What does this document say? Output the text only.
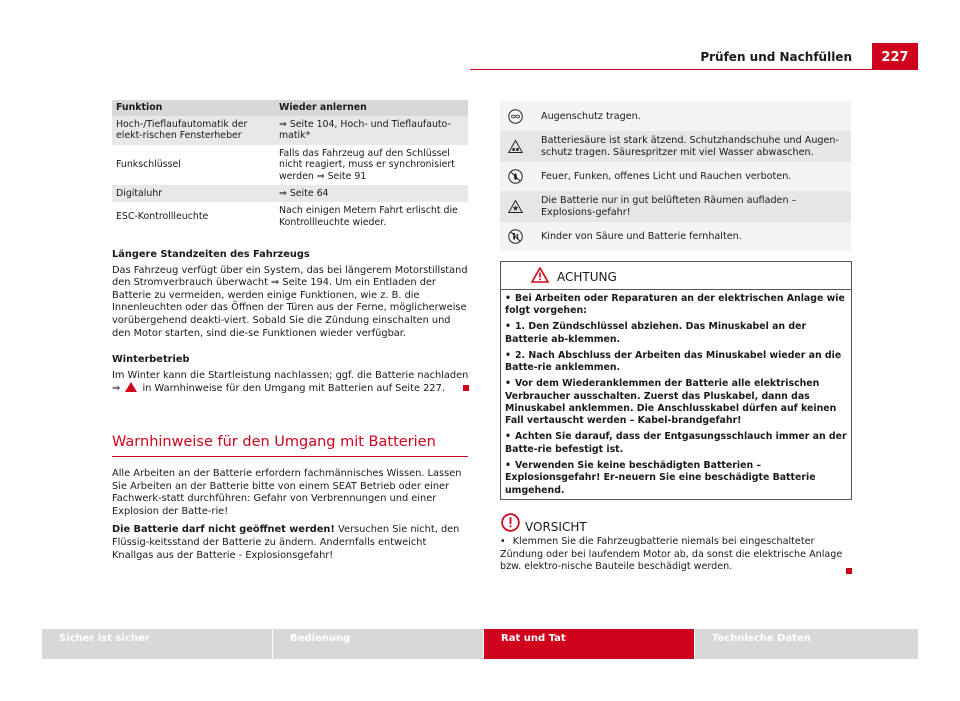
Prüfen und Nachfüllen	227
Funktion	Wieder anlernen
Hoch-/Tieflaufautomatik der elekt-rischen Fensterheber	⇒ Seite 104, Hoch- und Tieflaufauto-matik*
Funkschlüssel	Falls das Fahrzeug auf den Schlüssel nicht reagiert, muss er synchronisiert werden ⇒ Seite 91
Digitaluhr	⇒ Seite 64
ESC-Kontrollleuchte	Nach einigen Metern Fahrt erlischt die Kontrollleuchte wieder.
Längere Standzeiten des Fahrzeugs
Das Fahrzeug verfügt über ein System, das bei längerem Motorstillstand den Stromverbrauch überwacht ⇒ Seite 194. Um ein Entladen der Batterie zu vermeiden, werden einige Funktionen, wie z. B. die Innenleuchten oder das Öffnen der Türen aus der Ferne, möglicherweise vorübergehend deakti-viert. Sobald Sie die Zündung einschalten und den Motor starten, sind die-se Funktionen wieder verfügbar.
Winterbetrieb
Im Winter kann die Startleistung nachlassen; ggf. die Batterie nachladen
⇒ in Warnhinweise für den Umgang mit Batterien auf Seite 227.
Warnhinweise für den Umgang mit Batterien
Alle Arbeiten an der Batterie erfordern fachmännisches Wissen. Lassen Sie Arbeiten an der Batterie bitte von einem SEAT Betrieb oder einer Fachwerk-statt durchführen: Gefahr von Verbrennungen und einer Explosion der Batte-rie!
Die Batterie darf nicht geöffnet werden! Versuchen Sie nicht, den Flüssig-keitsstand der Batterie zu ändern. Andernfalls entweicht Knallgas aus der Batterie - Explosionsgefahr!
Augenschutz tragen.
Batteriesäure ist stark ätzend. Schutzhandschuhe und Augen-schutz tragen. Säurespritzer mit viel Wasser abwaschen.
Feuer, Funken, offenes Licht und Rauchen verboten.
Die Batterie nur in gut belüfteten Räumen aufladen – Explosions-gefahr!
Kinder von Säure und Batterie fernhalten.
ACHTUNG

• Bei Arbeiten oder Reparaturen an der elektrischen Anlage wie folgt vorgehen:

• 1. Den Zündschlüssel abziehen. Das Minuskabel an der Batterie ab-klemmen.

• 2. Nach Abschluss der Arbeiten das Minuskabel wieder an die Batte-rie anklemmen.

• Vor dem Wiederanklemmen der Batterie alle elektrischen Verbraucher ausschalten. Zuerst das Pluskabel, dann das Minuskabel anklemmen. Die Anschlusskabel dürfen auf keinen Fall vertauscht werden – Kabel-brandgefahr!

• Achten Sie darauf, dass der Entgasungsschlauch immer an der Batte-rie befestigt ist.

• Verwenden Sie keine beschädigten Batterien – Explosionsgefahr! Er-neuern Sie eine beschädigte Batterie umgehend.

VORSICHT
• Klemmen Sie die Fahrzeugbatterie niemals bei eingeschalteter Zündung oder bei laufendem Motor ab, da sonst die elektrische Anlage bzw. elektro-nische Bauteile beschädigt werden.
Sicher ist sicher	Bedienung	Rat und Tat	Technische Daten
